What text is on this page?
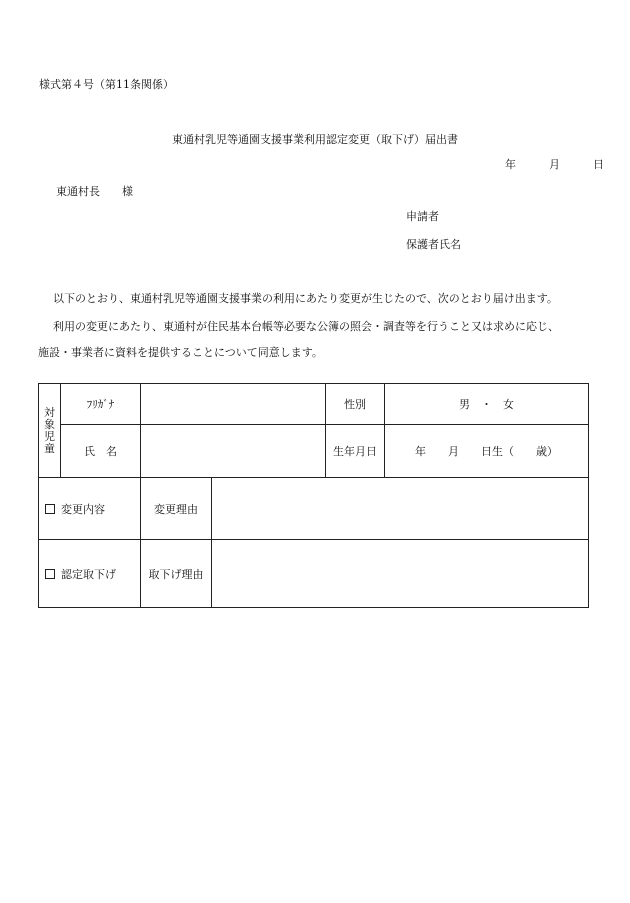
様式第４号（第11条関係）
東通村乳児等通園支援事業利用認定変更（取下げ）届出書
年	月	日
東通村長　　様
申請者
保護者氏名
以下のとおり、東通村乳児等通園支援事業の利用にあたり変更が生じたので、次のとおり届け出ます。
利用の変更にあたり、東通村が住民基本台帳等必要な公簿の照会・調査等を行うこと又は求めに応じ、
施設・事業者に資料を提供することについて同意します。
対
象
児
童	ﾌﾘｶﾞﾅ			性別	男　・　女
	氏　名			生年月日	年　　月　　日生（　　歳）
変更内容		変更理由			
認定取下げ		取下げ理由			
